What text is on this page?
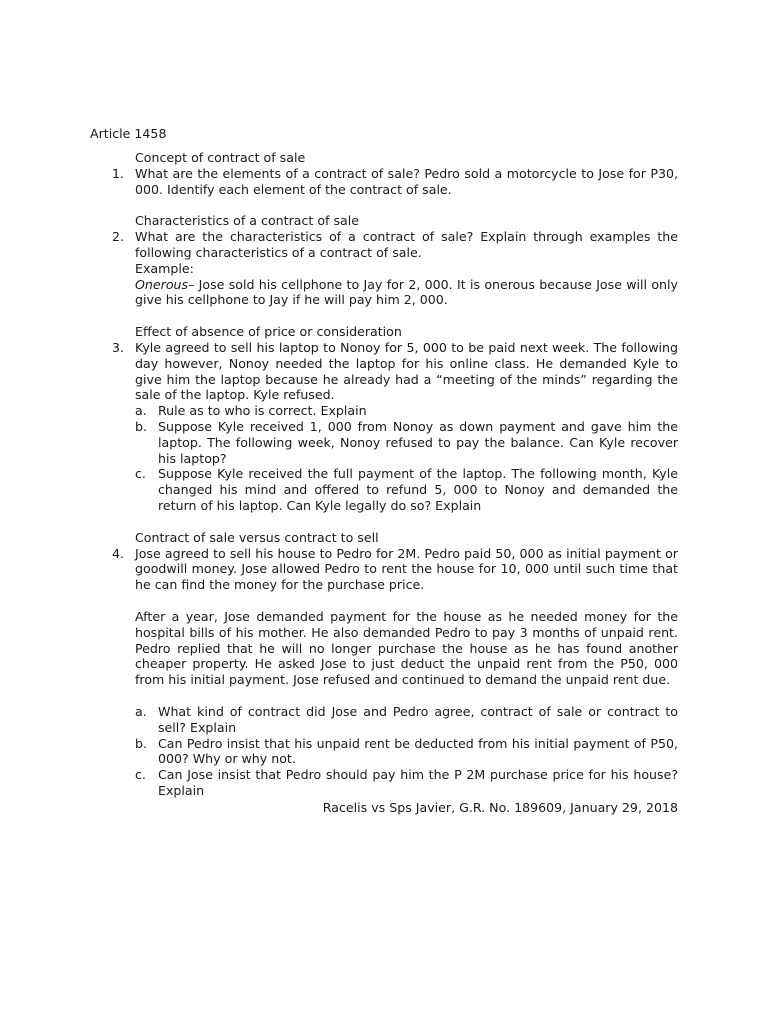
Article 1458
Concept of contract of sale
1. What are the elements of a contract of sale? Pedro sold a motorcycle to Jose for P30, 000. Identify each element of the contract of sale.
Characteristics of a contract of sale
2. What are the characteristics of a contract of sale? Explain through examples the following characteristics of a contract of sale.
Example:
Onerous– Jose sold his cellphone to Jay for 2, 000. It is onerous because Jose will only give his cellphone to Jay if he will pay him 2, 000.
Effect of absence of price or consideration
3. Kyle agreed to sell his laptop to Nonoy for 5, 000 to be paid next week. The following day however, Nonoy needed the laptop for his online class. He demanded Kyle to give him the laptop because he already had a “meeting of the minds” regarding the sale of the laptop. Kyle refused.
a. Rule as to who is correct. Explain
b. Suppose Kyle received 1, 000 from Nonoy as down payment and gave him the laptop. The following week, Nonoy refused to pay the balance. Can Kyle recover his laptop?
c. Suppose Kyle received the full payment of the laptop. The following month, Kyle changed his mind and offered to refund 5, 000 to Nonoy and demanded the return of his laptop. Can Kyle legally do so? Explain
Contract of sale versus contract to sell
4. Jose agreed to sell his house to Pedro for 2M. Pedro paid 50, 000 as initial payment or goodwill money. Jose allowed Pedro to rent the house for 10, 000 until such time that he can find the money for the purchase price.
After a year, Jose demanded payment for the house as he needed money for the hospital bills of his mother. He also demanded Pedro to pay 3 months of unpaid rent. Pedro replied that he will no longer purchase the house as he has found another cheaper property. He asked Jose to just deduct the unpaid rent from the P50, 000 from his initial payment. Jose refused and continued to demand the unpaid rent due.
a. What kind of contract did Jose and Pedro agree, contract of sale or contract to sell? Explain
b. Can Pedro insist that his unpaid rent be deducted from his initial payment of P50, 000? Why or why not.
c. Can Jose insist that Pedro should pay him the P 2M purchase price for his house? Explain
Racelis vs Sps Javier, G.R. No. 189609, January 29, 2018
